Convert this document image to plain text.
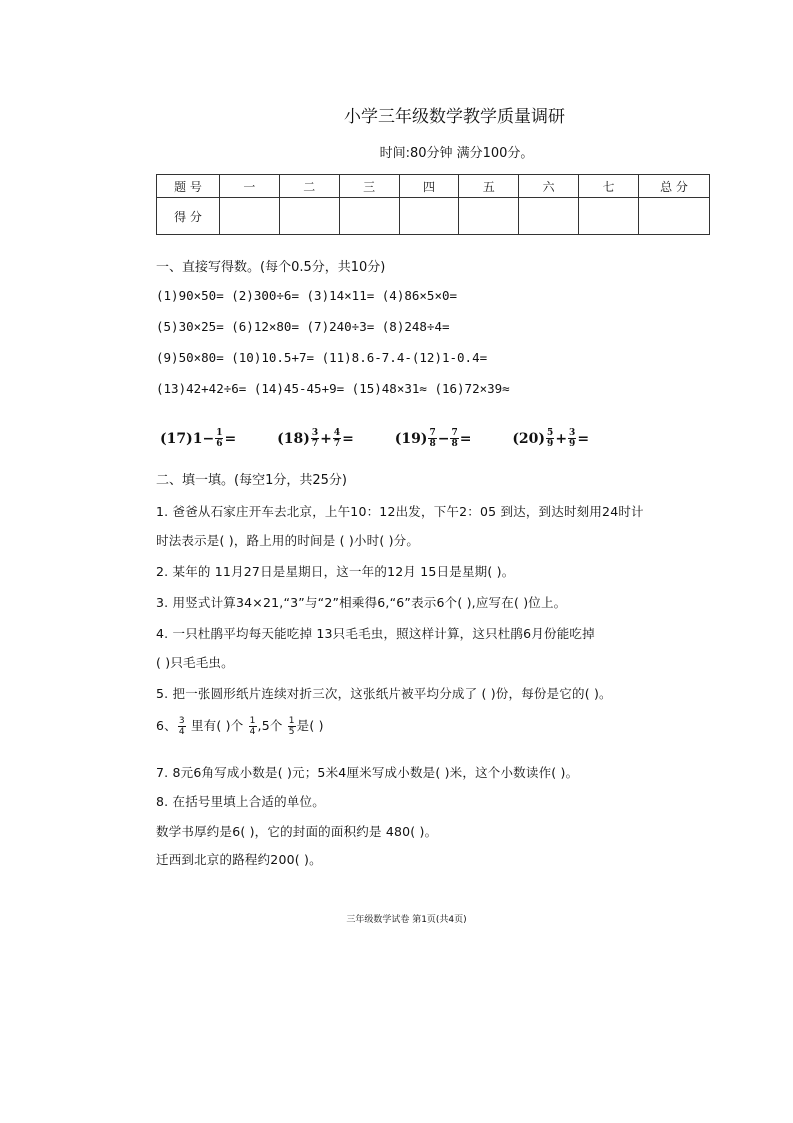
小学三年级数学教学质量调研
时间:80分钟 满分100分。
题 号	一	二	三	四	五	六	七	总 分
得 分								
一、直接写得数。(每个0.5分，共10分)
(1)90×50= (2)300÷6= (3)14×11= (4)86×5×0=
(5)30×25= (6)12×80= (7)240÷3= (8)248÷4=
(9)50×80= (10)10.5+7= (11)8.6-7.4-(12)1-0.4=
(13)42+42÷6= (14)45-45+9= (15)48×31≈ (16)72×39≈
$(17)1- \frac{1}{6}$ =	$(18) \frac{3}{7} + \frac{4}{7}$ =	$(19) \frac{7}{8} - \frac{7}{8}$ =	$(20) \frac{5}{9} + \frac{3}{9}$ =
二、填一填。(每空1分，共25分)
1. 爸爸从石家庄开车去北京，上午10：12出发，下午2：05 到达，到达时刻用24时计
时法表示是( )，路上用的时间是 ( )小时( )分。
2. 某年的 11月27日是星期日，这一年的12月 15日是星期( )。
3. 用竖式计算34×21,“3”与“2”相乘得6,“6”表示6个( ),应写在( )位上。
4. 一只杜鹃平均每天能吃掉 13只毛毛虫，照这样计算，这只杜鹃6月份能吃掉
( )只毛毛虫。
5. 把一张圆形纸片连续对折三次，这张纸片被平均分成了 ( )份，每份是它的( )。
6、 $\frac{3}{4}$ 里有( )个 $\frac{1}{4} ,5$个 $\frac{1}{5}$ 是( )
7. 8元6角写成小数是( )元；5米4厘米写成小数是( )米，这个小数读作( )。
8. 在括号里填上合适的单位。
数学书厚约是6( )，它的封面的面积约是 480( )。
迁西到北京的路程约200( )。
三年级数学试卷 第1页(共4页)
